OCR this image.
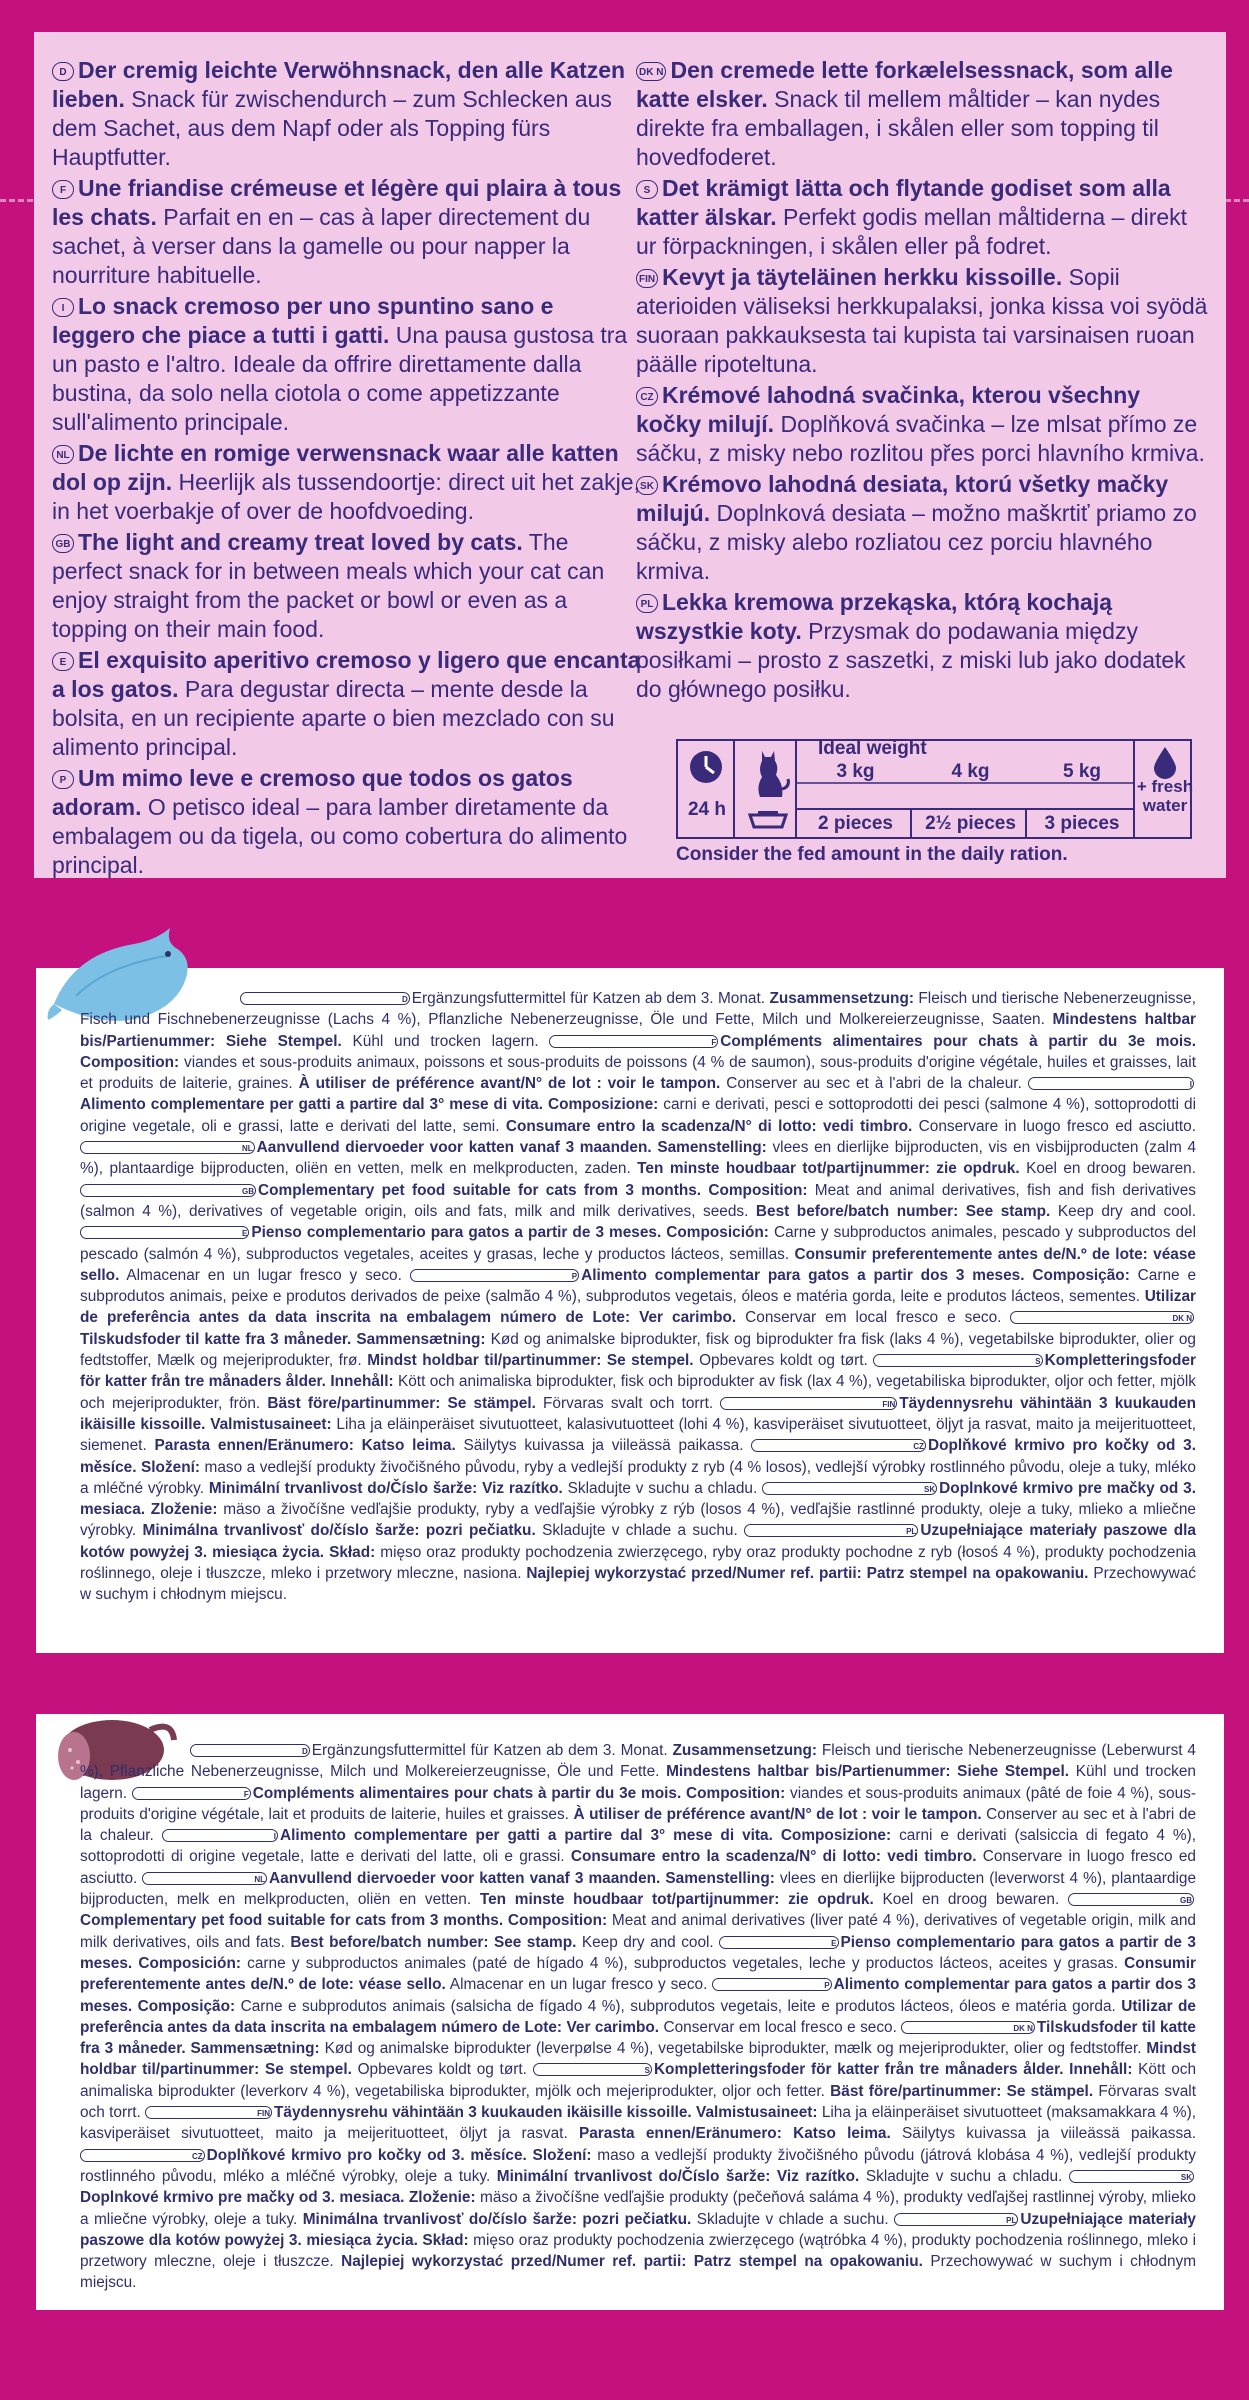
D Der cremig leichte Verwöhnsnack, den alle Katzen lieben. Snack für zwischendurch – zum Schlecken aus dem Sachet, aus dem Napf oder als Topping fürs Hauptfutter.
F Une friandise crémeuse et légère qui plaira à tous les chats. Parfait en en – cas à laper directement du sachet, à verser dans la gamelle ou pour napper la nourriture habituelle.
I Lo snack cremoso per uno spuntino sano e leggero che piace a tutti i gatti. Una pausa gustosa tra un pasto e l'altro. Ideale da offrire direttamente dalla bustina, da solo nella ciotola o come appetizzante sull'alimento principale.
NL De lichte en romige verwensnack waar alle katten dol op zijn. Heerlijk als tussendoortje: direct uit het zakje, in het voerbakje of over de hoofdvoeding.
GB The light and creamy treat loved by cats. The perfect snack for in between meals which your cat can enjoy straight from the packet or bowl or even as a topping on their main food.
E El exquisito aperitivo cremoso y ligero que encanta a los gatos. Para degustar directa – mente desde la bolsita, en un recipiente aparte o bien mezclado con su alimento principal.
P Um mimo leve e cremoso que todos os gatos adoram. O petisco ideal – para lamber diretamente da embalagem ou da tigela, ou como cobertura do alimento principal.
DK N Den cremede lette forkælelsessnack, som alle katte elsker. Snack til mellem måltider – kan nydes direkte fra emballagen, i skålen eller som topping til hovedfoderet.
S Det krämigt lätta och flytande godiset som alla katter älskar. Perfekt godis mellan måltiderna – direkt ur förpackningen, i skålen eller på fodret.
FIN Kevyt ja täyteläinen herkku kissoille. Sopii aterioiden väliseksi herkkupalaksi, jonka kissa voi syödä suoraan pakkauksesta tai kupista tai varsinaisen ruoan päälle ripoteltuna.
CZ Krémové lahodná svačinka, kterou všechny kočky milují. Doplňková svačinka – lze mlsat přímo ze sáčku, z misky nebo rozlitou přes porci hlavního krmiva.
SK Krémovo lahodná desiata, ktorú všetky mačky milujú. Doplnková desiata – možno maškrtiť priamo zo sáčku, z misky alebo rozliatou cez porciu hlavného krmiva.
PL Lekka kremowa przekąska, którą kochają wszystkie koty. Przysmak do podawania między posiłkami – prosto z saszetki, z miski lub jako dodatek do głównego posiłku.
24 h
Ideal weight
3 kg	4 kg	5 kg
2 pieces	2½ pieces	3 pieces
+ fresh water
Consider the fed amount in the daily ration.
D Ergänzungsfuttermittel für Katzen ab dem 3. Monat. Zusammensetzung: Fleisch und tierische Nebenerzeugnisse, Fisch und Fischnebenerzeugnisse (Lachs 4 %), Pflanzliche Nebenerzeugnisse, Öle und Fette, Milch und Molkereierzeugnisse, Saaten. Mindestens haltbar bis/Partienummer: Siehe Stempel. Kühl und trocken lagern.	F Compléments alimentaires pour chats à partir du 3e mois. Composition: viandes et sous-produits animaux, poissons et sous-produits de poissons (4 % de saumon), sous-produits d'origine végétale, huiles et graisses, lait et produits de laiterie, graines. À utiliser de préférence avant/N° de lot : voir le tampon. Conserver au sec et à l'abri de la chaleur.	IAlimento complementare per gatti a partire dal 3° mese di vita. Composizione: carni e derivati, pesci e sottoprodotti dei pesci (salmone 4 %), sottoprodotti di origine vegetale, oli e grassi, latte e derivati del latte, semi. Consumare entro la scadenza/N° di lotto: vedi timbro. Conservare in luogo fresco ed asciutto. NL Aanvullend diervoeder voor katten vanaf 3 maanden. Samenstelling: vlees en dierlijke bijproducten, vis en visbijproducten (zalm 4 %), plantaardige bijproducten, oliën en vetten, melk en melkproducten, zaden. Ten minste houdbaar tot/partijnummer: zie opdruk. Koel en droog bewaren. GB Complementary pet food suitable for cats from 3 months. Composition: Meat and animal derivatives, fish and fish derivatives (salmon 4 %), derivatives of vegetable origin, oils and fats, milk and milk derivatives, seeds. Best before/batch number: See stamp. Keep dry and cool. E Pienso complementario para gatos a partir de 3 meses. Composición: Carne y subproductos animales, pescado y subproductos del pescado (salmón 4 %), subproductos vegetales, aceites y grasas, leche y productos lácteos, semillas. Consumir preferentemente antes de/N.º de lote: véase sello. Almacenar en un lugar fresco y seco.	P Alimento complementar para gatos a partir dos 3 meses. Composição: Carne e subprodutos animais, peixe e produtos derivados de peixe (salmão 4 %), subprodutos vegetais, óleos e matéria gorda, leite e produtos lácteos, sementes. Utilizar de preferência antes da data inscrita na embalagem número de Lote: Ver carimbo. Conservar em local fresco e seco.	DK NTilskudsfoder til katte fra 3 måneder. Sammensætning: Kød og animalske biprodukter, fisk og biprodukter fra fisk (laks 4 %), vegetabilske biprodukter, olier og fedtstoffer, Mælk og mejeriprodukter, frø. Mindst holdbar til/partinummer: Se stempel. Opbevares koldt og tørt.	S Kompletteringsfoder för katter från tre månaders ålder. Innehåll: Kött och animaliska biprodukter, fisk och biprodukter av fisk (lax 4 %), vegetabiliska biprodukter, oljor och fetter, mjölk och mejeriprodukter, frön. Bäst före/partinummer: Se stämpel. Förvaras svalt och torrt.	FIN Täydennysrehu vähintään 3 kuukauden ikäisille kissoille. Valmistusaineet: Liha ja eläinperäiset sivutuotteet, kalasivutuotteet (lohi 4 %), kasviperäiset sivutuotteet, öljyt ja rasvat, maito ja meijerituotteet, siemenet. Parasta ennen/Eränumero: Katso leima. Säilytys kuivassa ja viileässä paikassa.	CZ Doplňkové krmivo pro kočky od 3. měsíce. Složení: maso a vedlejší produkty živočišného původu, ryby a vedlejší produkty z ryb (4 % losos), vedlejší výrobky rostlinného původu, oleje a tuky, mléko a mléčné výrobky. Minimální trvanlivost do/Číslo šarže: Viz razítko. Skladujte v suchu a chladu.	SK Doplnkové krmivo pre mačky od 3. mesiaca. Zloženie: mäso a živočíšne vedľajšie produkty, ryby a vedľajšie výrobky z rýb (losos 4 %), vedľajšie rastlinné produkty, oleje a tuky, mlieko a mliečne výrobky. Minimálna trvanlivosť do/číslo šarže: pozri pečiatku. Skladujte v chlade a suchu.	PL Uzupełniające materiały paszowe dla kotów powyżej 3. miesiąca życia. Skład: mięso oraz produkty pochodzenia zwierzęcego, ryby oraz produkty pochodne z ryb (łosoś 4 %), produkty pochodzenia roślinnego, oleje i tłuszcze, mleko i przetwory mleczne, nasiona. Najlepiej wykorzystać przed/Numer ref. partii: Patrz stempel na opakowaniu. Przechowywać w suchym i chłodnym miejscu.
D Ergänzungsfuttermittel für Katzen ab dem 3. Monat. Zusammensetzung: Fleisch und tierische Nebenerzeugnisse (Leberwurst 4 %), Pflanzliche Nebenerzeugnisse, Milch und Molkereierzeugnisse, Öle und Fette. Mindestens haltbar bis/Partienummer: Siehe Stempel. Kühl und trocken lagern.	F Compléments alimentaires pour chats à partir du 3e mois. Composition: viandes et sous-produits animaux (pâté de foie 4 %), sous-produits d'origine végétale, lait et produits de laiterie, huiles et graisses. À utiliser de préférence avant/N° de lot : voir le tampon. Conserver au sec et à l'abri de la chaleur.	I Alimento complementare per gatti a partire dal 3° mese di vita. Composizione: carni e derivati (salsiccia di fegato 4 %), sottoprodotti di origine vegetale, latte e derivati del latte, oli e grassi. Consumare entro la scadenza/N° di lotto: vedi timbro. Conservare in luogo fresco ed asciutto.	NL Aanvullend diervoeder voor katten vanaf 3 maanden. Samenstelling: vlees en dierlijke bijproducten (leverworst 4 %), plantaardige bijproducten, melk en melkproducten, oliën en vetten. Ten minste houdbaar tot/partijnummer: zie opdruk. Koel en droog bewaren.	GBComplementary pet food suitable for cats from 3 months. Composition: Meat and animal derivatives (liver paté 4 %), derivatives of vegetable origin, milk and milk derivatives, oils and fats. Best before/batch number: See stamp. Keep dry and cool.	E Pienso complementario para gatos a partir de 3 meses. Composición: carne y subproductos animales (paté de hígado 4 %), subproductos vegetales, leche y productos lácteos, aceites y grasas. Consumir preferentemente antes de/N.º de lote: véase sello. Almacenar en un lugar fresco y seco.	P Alimento complementar para gatos a partir dos 3 meses. Composição: Carne e subprodutos animais (salsicha de fígado 4 %), subprodutos vegetais, leite e produtos lácteos, óleos e matéria gorda. Utilizar de preferência antes da data inscrita na embalagem número de Lote: Ver carimbo. Conservar em local fresco e seco.	DK N Tilskudsfoder til katte fra 3 måneder. Sammensætning: Kød og animalske biprodukter (leverpølse 4 %), vegetabilske biprodukter, mælk og mejeriprodukter, olier og fedtstoffer. Mindst holdbar til/partinummer: Se stempel. Opbevares koldt og tørt.	S Kompletteringsfoder för katter från tre månaders ålder. Innehåll: Kött och animaliska biprodukter (leverkorv 4 %), vegetabiliska biprodukter, mjölk och mejeriprodukter, oljor och fetter. Bäst före/partinummer: Se stämpel. Förvaras svalt och torrt.	FIN Täydennysrehu vähintään 3 kuukauden ikäisille kissoille. Valmistusaineet: Liha ja eläinperäiset sivutuotteet (maksamakkara 4 %), kasviperäiset sivutuotteet, maito ja meijerituotteet, öljyt ja rasvat. Parasta ennen/Eränumero: Katso leima. Säilytys kuivassa ja viileässä paikassa. CZ Doplňkové krmivo pro kočky od 3. měsíce. Složení: maso a vedlejší produkty živočišného původu (játrová klobása 4 %), vedlejší produkty rostlinného původu, mléko a mléčné výrobky, oleje a tuky. Minimální trvanlivost do/Číslo šarže: Viz razítko. Skladujte v suchu a chladu.	SKDoplnkové krmivo pre mačky od 3. mesiaca. Zloženie: mäso a živočíšne vedľajšie produkty (pečeňová saláma 4 %), produkty vedľajšej rastlinnej výroby, mlieko a mliečne výrobky, oleje a tuky. Minimálna trvanlivosť do/číslo šarže: pozri pečiatku. Skladujte v chlade a suchu.	PL Uzupełniające materiały paszowe dla kotów powyżej 3. miesiąca życia. Skład: mięso oraz produkty pochodzenia zwierzęcego (wątróbka 4 %), produkty pochodzenia roślinnego, mleko i przetwory mleczne, oleje i tłuszcze. Najlepiej wykorzystać przed/Numer ref. partii: Patrz stempel na opakowaniu. Przechowywać w suchym i chłodnym miejscu.
